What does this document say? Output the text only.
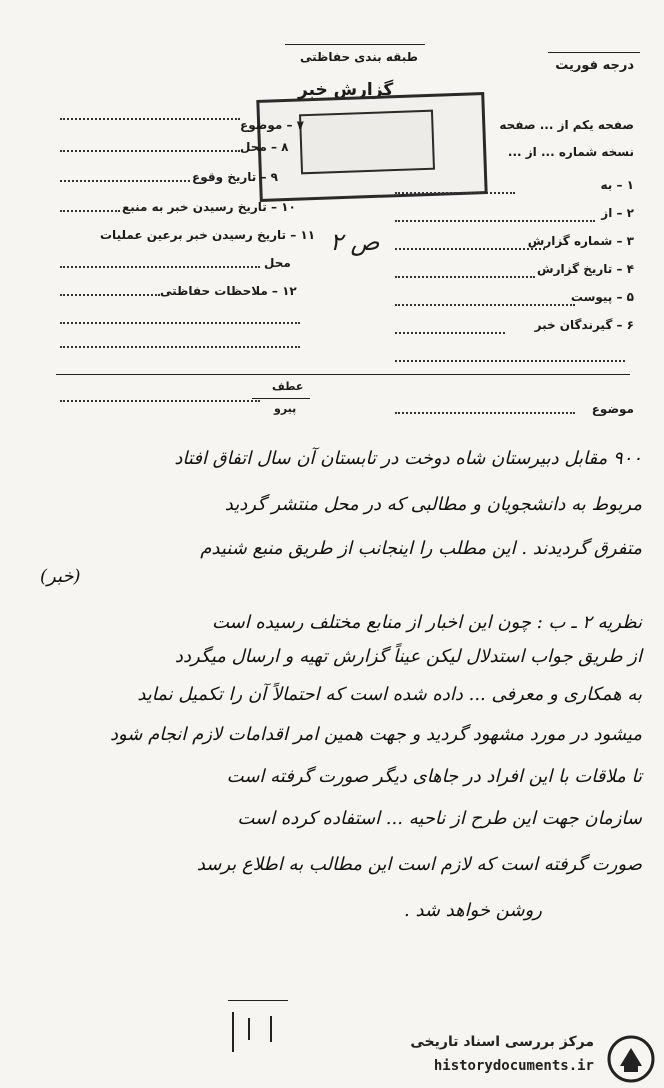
درجه فوریت
طبقه بندی حفاظتی
گزارش خبر
صفحه یکم از ... صفحه
نسخه شماره ... از ...
۱ – به
۲ – از
۳ – شماره گزارش
۴ – تاریخ گزارش
۵ – پیوست
۶ – گیرندگان خبر
۷ – موضوع
۸ – محل
۹ – تاریخ وقوع
۱۰ – تاریخ رسیدن خبر به منبع
۱۱ – تاریخ رسیدن خبر برعین عملیات
محل
۱۲ – ملاحظات حفاظتی
ص ۲
موضوع
عطف
پیرو
۹۰۰ مقابل دبیرستان شاه دوخت در تابستان آن سال اتفاق افتاد
مربوط به دانشجویان و مطالبی که در محل منتشر گردید
متفرق گردیدند . این مطلب را اینجانب از طریق منبع شنیدم
(خبر)
نظریه ۲ ـ ب : چون این اخبار از منابع مختلف رسیده است
از طریق جواب استدلال لیکن عیناً گزارش تهیه و ارسال میگردد
به همکاری و معرفی ... داده شده است که احتمالاً آن را تکمیل نماید
میشود در مورد مشهود گردید و جهت همین امر اقدامات لازم انجام شود
تا ملاقات با این افراد در جاهای دیگر صورت گرفته است
سازمان جهت این طرح از ناحیه ... استفاده کرده است
صورت گرفته است که لازم است این مطالب به اطلاع برسد
روشن خواهد شد .
مرکز بررسی اسناد تاریخی
historydocuments.ir
